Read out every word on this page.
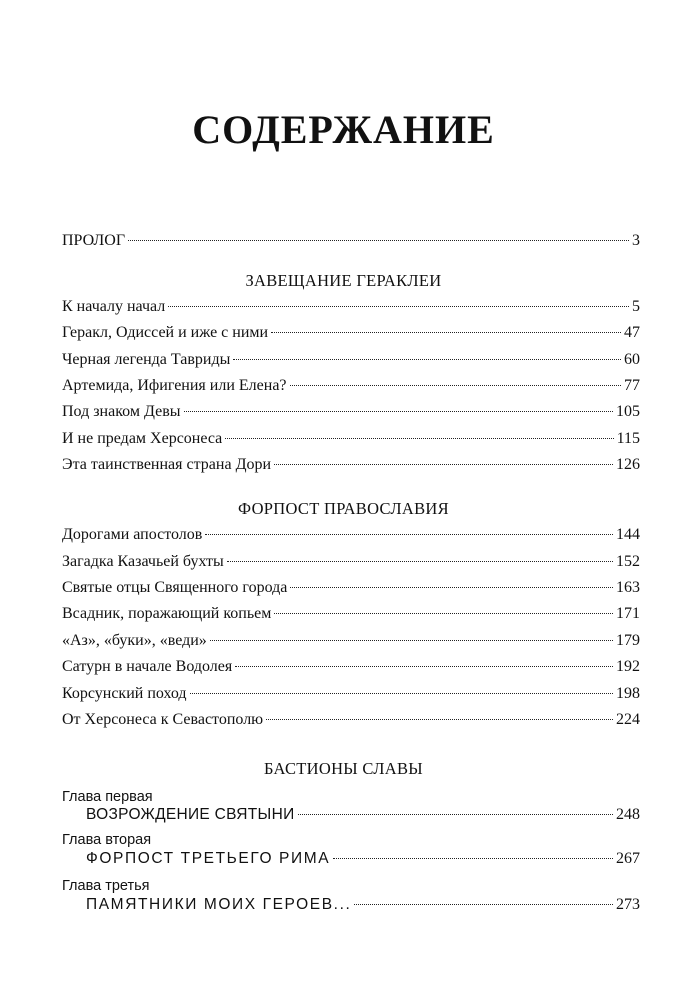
СОДЕРЖАНИЕ
ПРОЛОГ	3
ЗАВЕЩАНИЕ ГЕРАКЛЕИ
К началу начал	5
Геракл, Одиссей и иже с ними	47
Черная легенда Тавриды	60
Артемида, Ифигения или Елена?	77
Под знаком Девы	105
И не предам Херсонеса	115
Эта таинственная страна Дори	126
ФОРПОСТ ПРАВОСЛАВИЯ
Дорогами апостолов	144
Загадка Казачьей бухты	152
Святые отцы Священного города	163
Всадник, поражающий копьем	171
«Аз», «буки», «веди»	179
Сатурн в начале Водолея	192
Корсунский поход	198
От Херсонеса к Севастополю	224
БАСТИОНЫ СЛАВЫ
Глава первая
ВОЗРОЖДЕНИЕ СВЯТЫНИ	248
Глава вторая
ФОРПОСТ ТРЕТЬЕГО РИМА	267
Глава третья
ПАМЯТНИКИ МОИХ ГЕРОЕВ...	273
